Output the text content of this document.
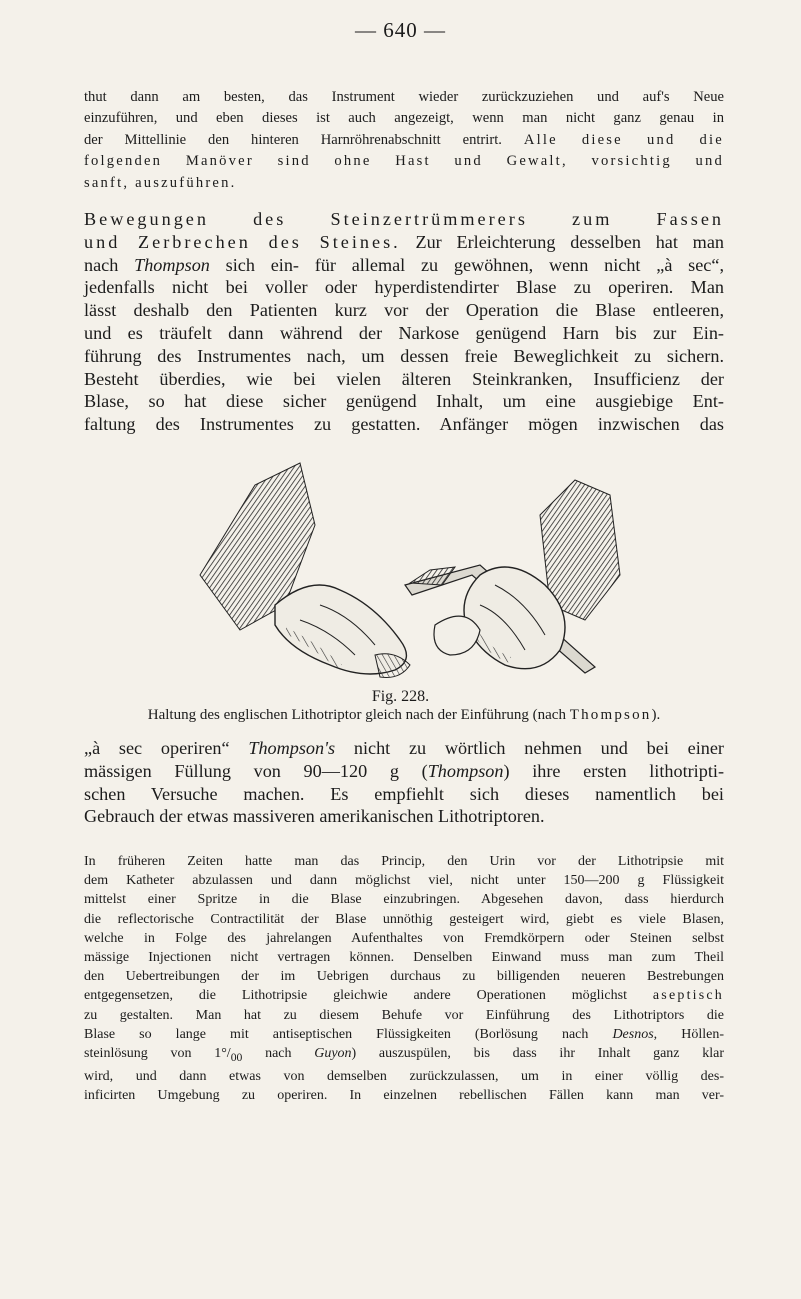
— 640 —
thut dann am besten, das Instrument wieder zurückzuziehen und auf's Neue
einzuführen, und eben dieses ist auch angezeigt, wenn man nicht ganz genau in
der Mittellinie den hinteren Harnröhrenabschnitt entrirt. Alle diese und die
folgenden Manöver sind ohne Hast und Gewalt, vorsichtig und
sanft, auszuführen.
Bewegungen des Steinzertrümmerers zum Fassen
und Zerbrechen des Steines. Zur Erleichterung desselben hat man
nach Thompson sich ein- für allemal zu gewöhnen, wenn nicht „à sec“,
jedenfalls nicht bei voller oder hyperdistendirter Blase zu operiren. Man
lässt deshalb den Patienten kurz vor der Operation die Blase entleeren,
und es träufelt dann während der Narkose genügend Harn bis zur Ein-
führung des Instrumentes nach, um dessen freie Beweglichkeit zu sichern.
Besteht überdies, wie bei vielen älteren Steinkranken, Insufficienz der
Blase, so hat diese sicher genügend Inhalt, um eine ausgiebige Ent-
faltung des Instrumentes zu gestatten. Anfänger mögen inzwischen das
Fig. 228.
Haltung des englischen Lithotriptor gleich nach der Einführung (nach Thompson).
„à sec operiren“ Thompson's nicht zu wörtlich nehmen und bei einer
mässigen Füllung von 90—120 g (Thompson) ihre ersten lithotripti-
schen Versuche machen. Es empfiehlt sich dieses namentlich bei
Gebrauch der etwas massiveren amerikanischen Lithotriptoren.
In früheren Zeiten hatte man das Princip, den Urin vor der Lithotripsie mit
dem Katheter abzulassen und dann möglichst viel, nicht unter 150—200 g Flüssigkeit
mittelst einer Spritze in die Blase einzubringen. Abgesehen davon, dass hierdurch
die reflectorische Contractilität der Blase unnöthig gesteigert wird, giebt es viele Blasen,
welche in Folge des jahrelangen Aufenthaltes von Fremdkörpern oder Steinen selbst
mässige Injectionen nicht vertragen können. Denselben Einwand muss man zum Theil
den Uebertreibungen der im Uebrigen durchaus zu billigenden neueren Bestrebungen
entgegensetzen, die Lithotripsie gleichwie andere Operationen möglichst aseptisch
zu gestalten. Man hat zu diesem Behufe vor Einführung des Lithotriptors die
Blase so lange mit antiseptischen Flüssigkeiten (Borlösung nach Desnos, Höllen-
steinlösung von $1^\circ/_{00}$ nach Guyon) auszuspülen, bis dass ihr Inhalt ganz klar
wird, und dann etwas von demselben zurückzulassen, um in einer völlig des-
inficirten Umgebung zu operiren. In einzelnen rebellischen Fällen kann man ver-
